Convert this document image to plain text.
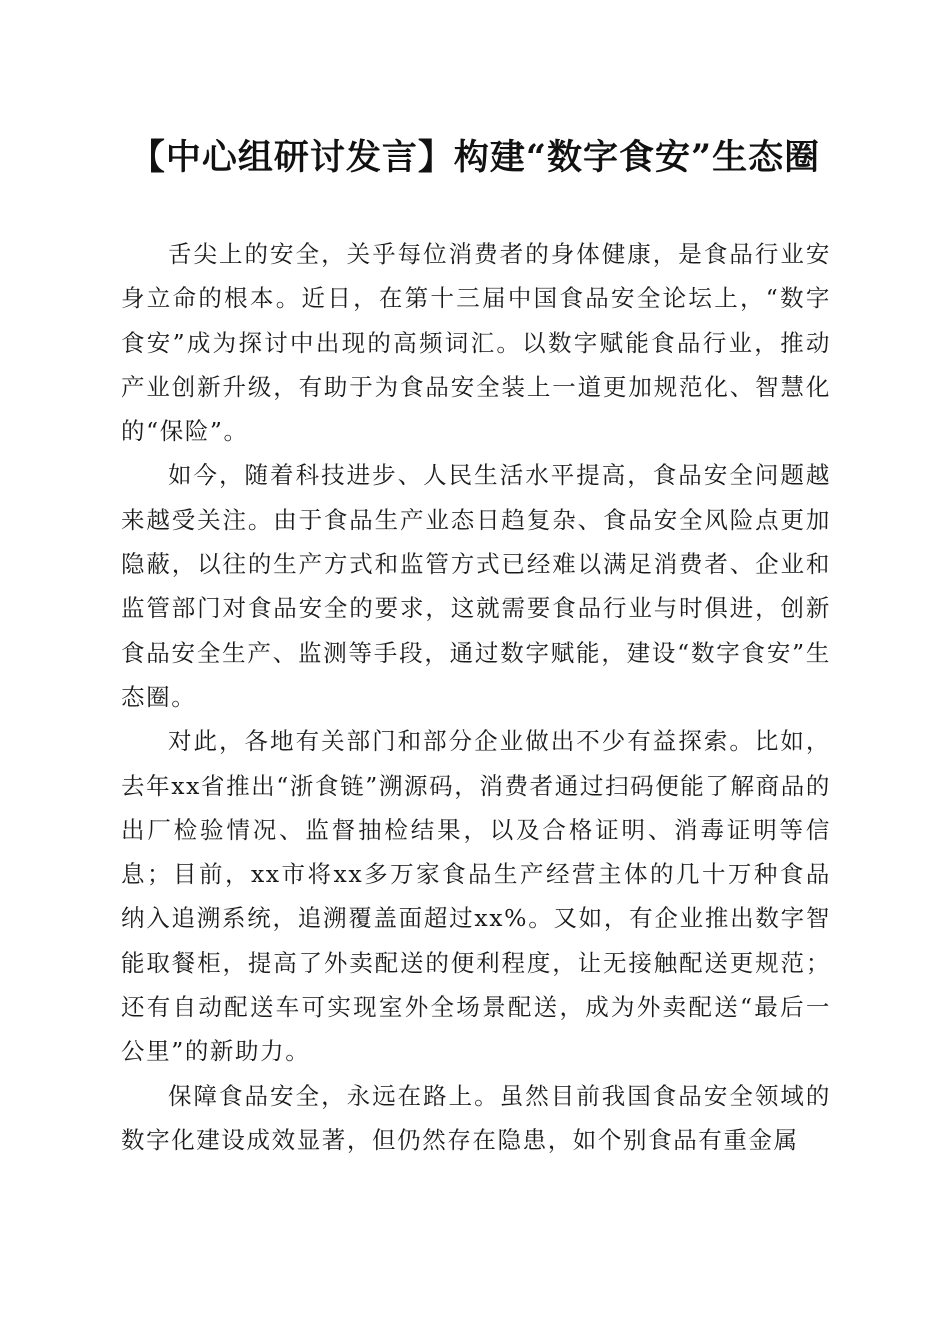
【中心组研讨发言】构建“数字食安”生态圈

舌尖上的安全，关乎每位消费者的身体健康，是食品行业安身立命的根本。近日，在第十三届中国食品安全论坛上，“数字食安”成为探讨中出现的高频词汇。以数字赋能食品行业，推动产业创新升级，有助于为食品安全装上一道更加规范化、智慧化的“保险”。

如今，随着科技进步、人民生活水平提高，食品安全问题越来越受关注。由于食品生产业态日趋复杂、食品安全风险点更加隐蔽，以往的生产方式和监管方式已经难以满足消费者、企业和监管部门对食品安全的要求，这就需要食品行业与时俱进，创新食品安全生产、监测等手段，通过数字赋能，建设“数字食安”生态圈。

对此，各地有关部门和部分企业做出不少有益探索。比如，去年xx省推出“浙食链”溯源码，消费者通过扫码便能了解商品的出厂检验情况、监督抽检结果，以及合格证明、消毒证明等信息；目前，xx市将xx多万家食品生产经营主体的几十万种食品纳入追溯系统，追溯覆盖面超过xx%。又如，有企业推出数字智能取餐柜，提高了外卖配送的便利程度，让无接触配送更规范；还有自动配送车可实现室外全场景配送，成为外卖配送“最后一公里”的新助力。

保障食品安全，永远在路上。虽然目前我国食品安全领域的数字化建设成效显著，但仍然存在隐患，如个别食品有重金属
